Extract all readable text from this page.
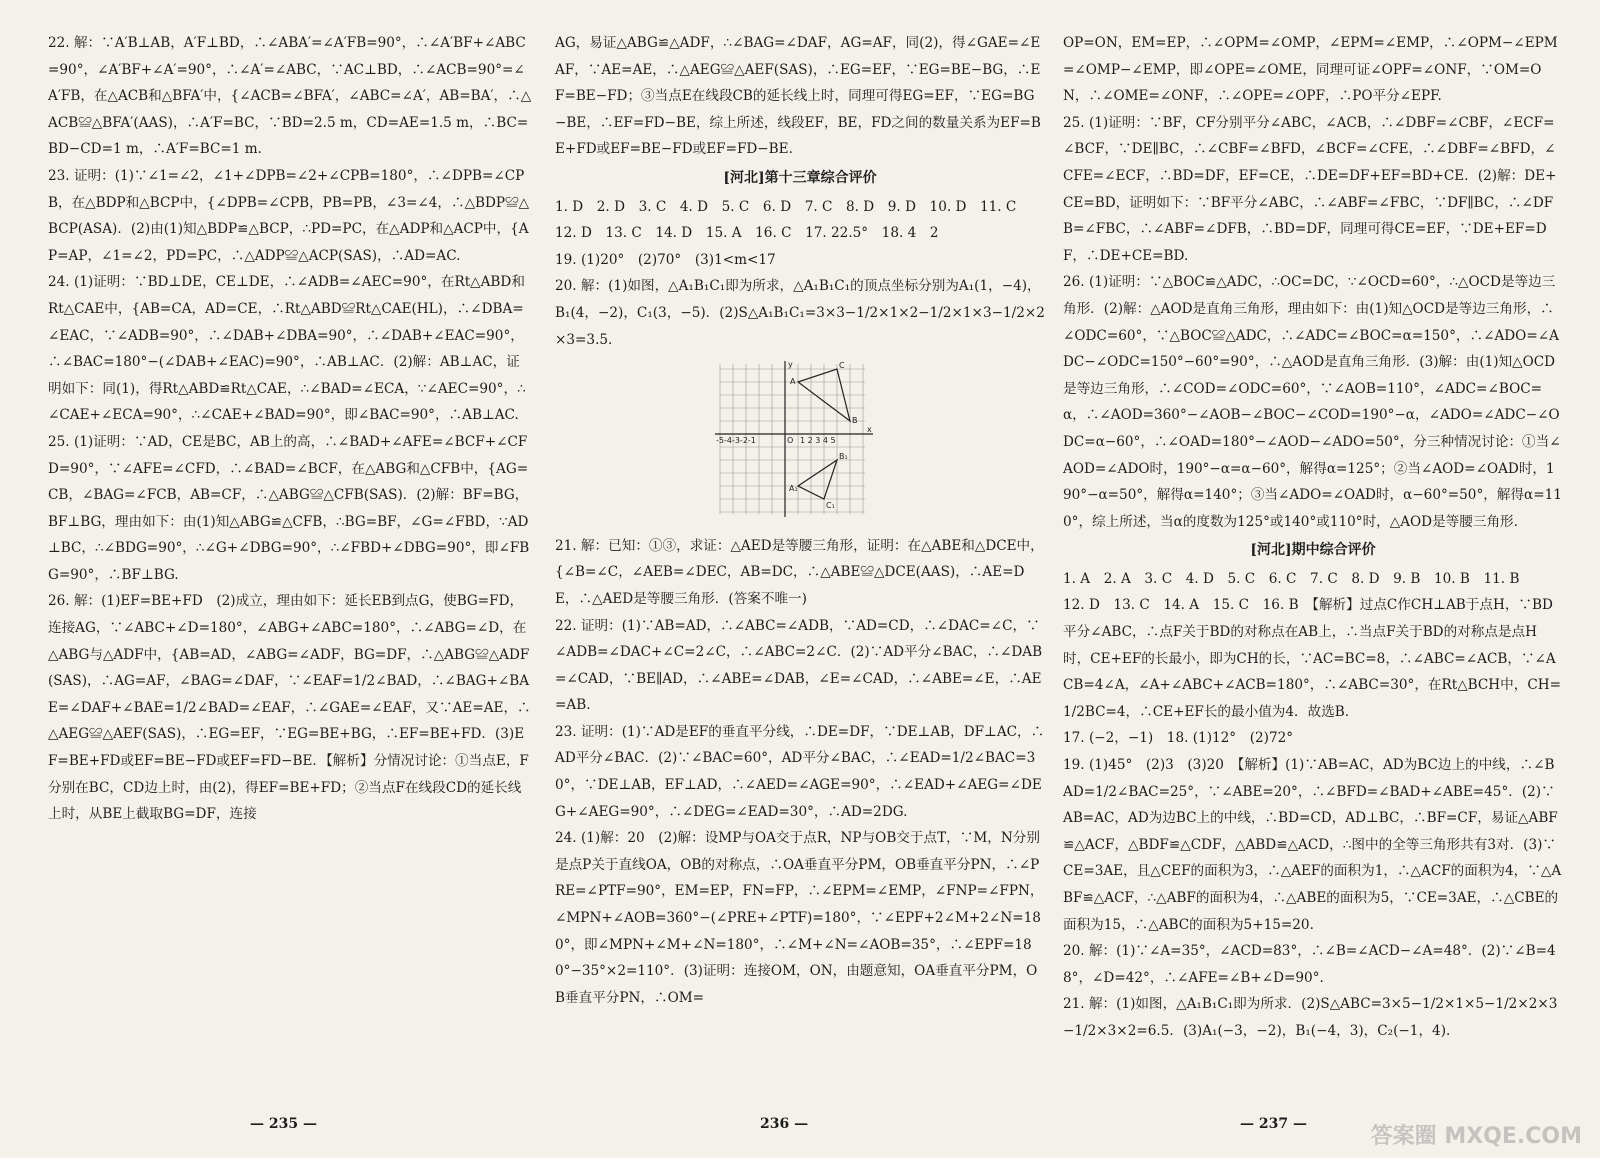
22. 解：∵A′B⊥AB，A′F⊥BD，∴∠ABA′=∠A′FB=90°，∴∠A′BF+∠ABC=90°，∠A′BF+∠A′=90°，∴∠A′=∠ABC，∵AC⊥BD，∴∠ACB=90°=∠A′FB，在△ACB和△BFA′中，{∠ACB=∠BFA′，∠ABC=∠A′，AB=BA′，∴△ACB≌△BFA′(AAS)，∴A′F=BC，∵BD=2.5 m，CD=AE=1.5 m，∴BC=BD−CD=1 m，∴A′F=BC=1 m.

23. 证明：(1)∵∠1=∠2，∠1+∠DPB=∠2+∠CPB=180°，∴∠DPB=∠CPB，在△BDP和△BCP中，{∠DPB=∠CPB，PB=PB，∠3=∠4，∴△BDP≌△BCP(ASA)．(2)由(1)知△BDP≌△BCP，∴PD=PC，在△ADP和△ACP中，{AP=AP，∠1=∠2，PD=PC，∴△ADP≌△ACP(SAS)，∴AD=AC.

24. (1)证明：∵BD⊥DE，CE⊥DE，∴∠ADB=∠AEC=90°，在Rt△ABD和Rt△CAE中，{AB=CA，AD=CE，∴Rt△ABD≌Rt△CAE(HL)，∴∠DBA=∠EAC，∵∠ADB=90°，∴∠DAB+∠DBA=90°，∴∠DAB+∠EAC=90°，∴∠BAC=180°−(∠DAB+∠EAC)=90°，∴AB⊥AC．(2)解：AB⊥AC，证明如下：同(1)，得Rt△ABD≌Rt△CAE，∴∠BAD=∠ECA，∵∠AEC=90°，∴∠CAE+∠ECA=90°，∴∠CAE+∠BAD=90°，即∠BAC=90°，∴AB⊥AC.

25. (1)证明：∵AD，CE是BC，AB上的高，∴∠BAD+∠AFE=∠BCF+∠CFD=90°，∵∠AFE=∠CFD，∴∠BAD=∠BCF，在△ABG和△CFB中，{AG=CB，∠BAG=∠FCB，AB=CF，∴△ABG≌△CFB(SAS)．(2)解：BF=BG，BF⊥BG，理由如下：由(1)知△ABG≌△CFB，∴BG=BF，∠G=∠FBD，∵AD⊥BC，∴∠BDG=90°，∴∠G+∠DBG=90°，∴∠FBD+∠DBG=90°，即∠FBG=90°，∴BF⊥BG.

26. 解：(1)EF=BE+FD　(2)成立，理由如下：延长EB到点G，使BG=FD，连接AG，∵∠ABC+∠D=180°，∠ABG+∠ABC=180°，∴∠ABG=∠D，在△ABG与△ADF中，{AB=AD，∠ABG=∠ADF，BG=DF，∴△ABG≌△ADF(SAS)，∴AG=AF，∠BAG=∠DAF，∵∠EAF=1/2∠BAD，∴∠BAG+∠BAE=∠DAF+∠BAE=1/2∠BAD=∠EAF，∴∠GAE=∠EAF，又∵AE=AE，∴△AEG≌△AEF(SAS)，∴EG=EF，∵EG=BE+BG，∴EF=BE+FD．(3)EF=BE+FD或EF=BE−FD或EF=FD−BE．【解析】分情况讨论：①当点E，F分别在BC，CD边上时，由(2)，得EF=BE+FD；②当点F在线段CD的延长线上时，从BE上截取BG=DF，连接

— 235 —

AG，易证△ABG≌△ADF，∴∠BAG=∠DAF，AG=AF，同(2)，得∠GAE=∠EAF，∵AE=AE，∴△AEG≌△AEF(SAS)，∴EG=EF，∵EG=BE−BG，∴EF=BE−FD；③当点E在线段CB的延长线上时，同理可得EG=EF，∵EG=BG−BE，∴EF=FD−BE，综上所述，线段EF，BE，FD之间的数量关系为EF=BE+FD或EF=BE−FD或EF=FD−BE.

[河北]第十三章综合评价

1. D　2. D　3. C　4. D　5. C　6. D　7. C　8. D　9. D　10. D　11. C

12. D　13. C　14. D　15. A　16. C　17. 22.5°　18. 4　2

19. (1)20°　(2)70°　(3)1<m<17

20. 解：(1)如图，△A₁B₁C₁即为所求，△A₁B₁C₁的顶点坐标分别为A₁(1，−4)，B₁(4，−2)，C₁(3，−5)．(2)S△A₁B₁C₁=3×3−1/2×1×2−1/2×1×3−1/2×2×3=3.5.

A
C
B
A₁
B₁
C₁
x
y
O
-5-4-3-2-1	1 2 3 4 5

21. 解：已知：①③，求证：△AED是等腰三角形，证明：在△ABE和△DCE中，{∠B=∠C，∠AEB=∠DEC，AB=DC，∴△ABE≌△DCE(AAS)，∴AE=DE，∴△AED是等腰三角形．(答案不唯一)

22. 证明：(1)∵AB=AD，∴∠ABC=∠ADB，∵AD=CD，∴∠DAC=∠C，∵∠ADB=∠DAC+∠C=2∠C，∴∠ABC=2∠C．(2)∵AD平分∠BAC，∴∠DAB=∠CAD，∵BE∥AD，∴∠ABE=∠DAB，∠E=∠CAD，∴∠ABE=∠E，∴AE=AB.

23. 证明：(1)∵AD是EF的垂直平分线，∴DE=DF，∵DE⊥AB，DF⊥AC，∴AD平分∠BAC．(2)∵∠BAC=60°，AD平分∠BAC，∴∠EAD=1/2∠BAC=30°，∵DE⊥AB，EF⊥AD，∴∠AED=∠AGE=90°，∴∠EAD+∠AEG=∠DEG+∠AEG=90°，∴∠DEG=∠EAD=30°，∴AD=2DG.

24. (1)解：20　(2)解：设MP与OA交于点R，NP与OB交于点T，∵M，N分别是点P关于直线OA，OB的对称点，∴OA垂直平分PM，OB垂直平分PN，∴∠PRE=∠PTF=90°，EM=EP，FN=FP，∴∠EPM=∠EMP，∠FNP=∠FPN，∠MPN+∠AOB=360°−(∠PRE+∠PTF)=180°，∵∠EPF+2∠M+2∠N=180°，即∠MPN+∠M+∠N=180°，∴∠M+∠N=∠AOB=35°，∴∠EPF=180°−35°×2=110°．(3)证明：连接OM，ON，由题意知，OA垂直平分PM，OB垂直平分PN，∴OM=

236 —

OP=ON，EM=EP，∴∠OPM=∠OMP，∠EPM=∠EMP，∴∠OPM−∠EPM=∠OMP−∠EMP，即∠OPE=∠OME，同理可证∠OPF=∠ONF，∵OM=ON，∴∠OME=∠ONF，∴∠OPE=∠OPF，∴PO平分∠EPF.

25. (1)证明：∵BF，CF分别平分∠ABC，∠ACB，∴∠DBF=∠CBF，∠ECF=∠BCF，∵DE∥BC，∴∠CBF=∠BFD，∠BCF=∠CFE，∴∠DBF=∠BFD，∠CFE=∠ECF，∴BD=DF，EF=CE，∴DE=DF+EF=BD+CE．(2)解：DE+CE=BD，证明如下：∵BF平分∠ABC，∴∠ABF=∠FBC，∵DF∥BC，∴∠DFB=∠FBC，∴∠ABF=∠DFB，∴BD=DF，同理可得CE=EF，∵DE+EF=DF，∴DE+CE=BD.

26. (1)证明：∵△BOC≌△ADC，∴OC=DC，∵∠OCD=60°，∴△OCD是等边三角形．(2)解：△AOD是直角三角形，理由如下：由(1)知△OCD是等边三角形，∴∠ODC=60°，∵△BOC≌△ADC，∴∠ADC=∠BOC=α=150°，∴∠ADO=∠ADC−∠ODC=150°−60°=90°，∴△AOD是直角三角形．(3)解：由(1)知△OCD是等边三角形，∴∠COD=∠ODC=60°，∵∠AOB=110°，∠ADC=∠BOC=α，∴∠AOD=360°−∠AOB−∠BOC−∠COD=190°−α，∠ADO=∠ADC−∠ODC=α−60°，∴∠OAD=180°−∠AOD−∠ADO=50°，分三种情况讨论：①当∠AOD=∠ADO时，190°−α=α−60°，解得α=125°；②当∠AOD=∠OAD时，190°−α=50°，解得α=140°；③当∠ADO=∠OAD时，α−60°=50°，解得α=110°，综上所述，当α的度数为125°或140°或110°时，△AOD是等腰三角形.

[河北]期中综合评价

1. A　2. A　3. C　4. D　5. C　6. C　7. C　8. D　9. B　10. B　11. B

12. D　13. C　14. A　15. C　16. B　【解析】过点C作CH⊥AB于点H，∵BD平分∠ABC，∴点F关于BD的对称点在AB上，∴当点F关于BD的对称点是点H时，CE+EF的长最小，即为CH的长，∵AC=BC=8，∴∠ABC=∠ACB，∵∠ACB=4∠A，∠A+∠ABC+∠ACB=180°，∴∠ABC=30°，在Rt△BCH中，CH=1/2BC=4，∴CE+EF长的最小值为4．故选B.

17. (−2，−1)　18. (1)12°　(2)72°

19. (1)45°　(2)3　(3)20　【解析】(1)∵AB=AC，AD为BC边上的中线，∴∠BAD=1/2∠BAC=25°，∵∠ABE=20°，∴∠BFD=∠BAD+∠ABE=45°．(2)∵AB=AC，AD为边BC上的中线，∴BD=CD，AD⊥BC，∴BF=CF，易证△ABF≌△ACF，△BDF≌△CDF，△ABD≌△ACD，∴图中的全等三角形共有3对．(3)∵CE=3AE，且△CEF的面积为3，∴△AEF的面积为1，∴△ACF的面积为4，∵△ABF≌△ACF，∴△ABF的面积为4，∴△ABE的面积为5，∵CE=3AE，∴△CBE的面积为15，∴△ABC的面积为5+15=20.

20. 解：(1)∵∠A=35°，∠ACD=83°，∴∠B=∠ACD−∠A=48°．(2)∵∠B=48°，∠D=42°，∴∠AFE=∠B+∠D=90°.

21. 解：(1)如图，△A₁B₁C₁即为所求．(2)S△ABC=3×5−1/2×1×5−1/2×2×3−1/2×3×2=6.5．(3)A₁(−3，−2)，B₁(−4，3)，C₂(−1，4).

— 237 —	答案圈 MXQE.COM
